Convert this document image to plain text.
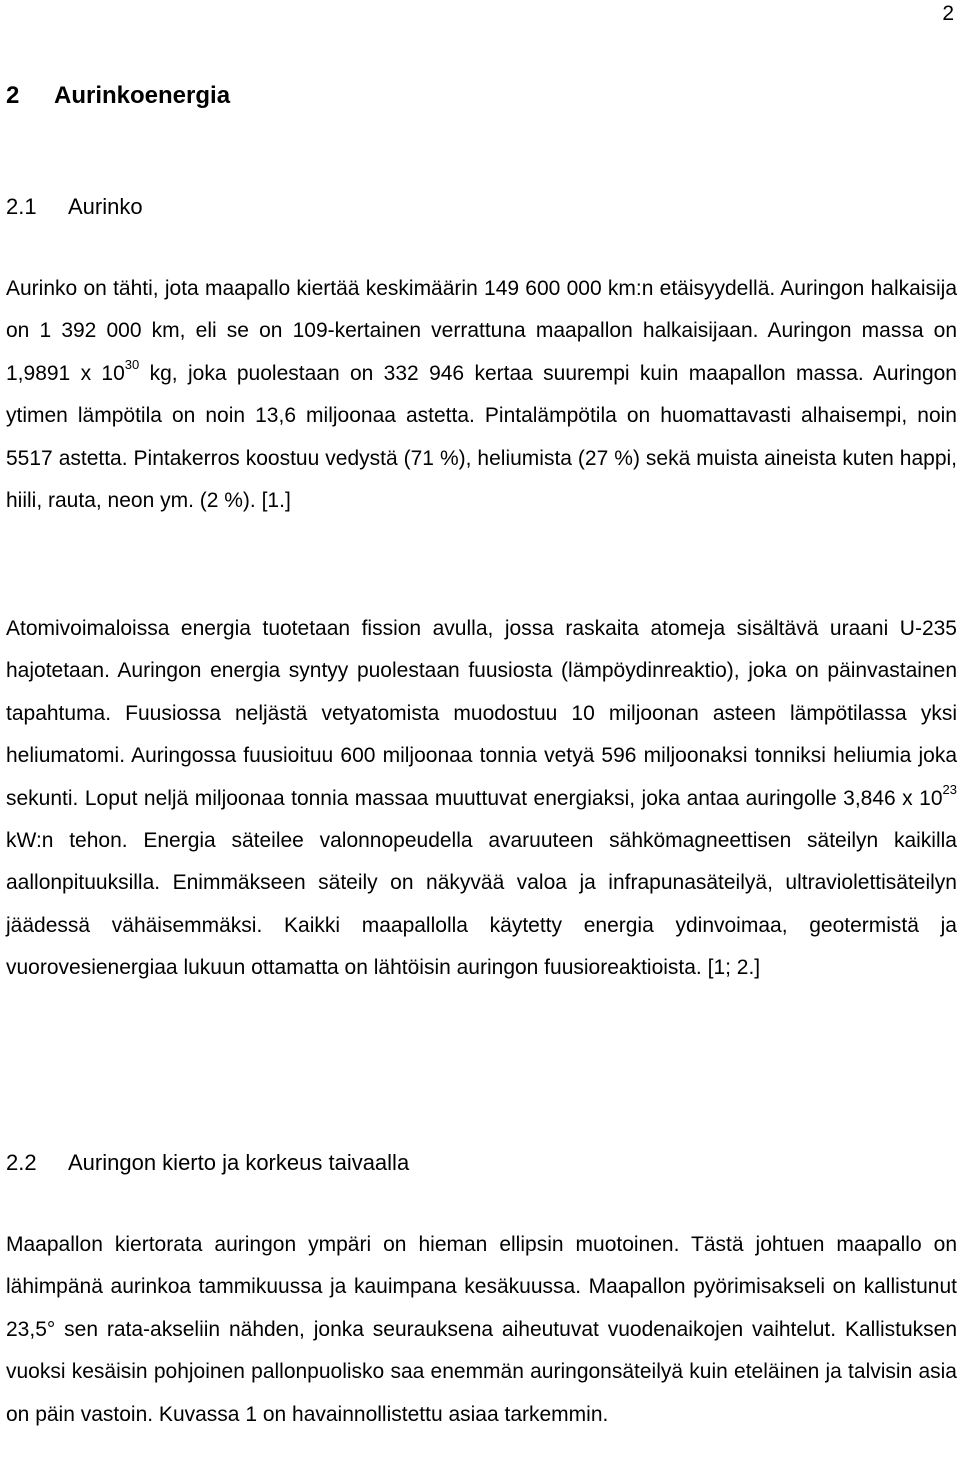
2
2 Aurinkoenergia
2.1 Aurinko

Aurinko on tähti, jota maapallo kiertää keskimäärin 149 600 000 km:n etäisyydellä. Auringon halkaisija on 1 392 000 km, eli se on 109-kertainen verrattuna maapallon halkaisijaan. Auringon massa on 1,9891 x $10^{30}$ kg, joka puolestaan on 332 946 kertaa suurempi kuin maapallon massa. Auringon ytimen lämpötila on noin 13,6 miljoonaa astetta. Pintalämpötila on huomattavasti alhaisempi, noin 5517 astetta. Pintakerros koostuu vedystä (71 %), heliumista (27 %) sekä muista aineista kuten happi, hiili, rauta, neon ym. (2 %). [1.]

Atomivoimaloissa energia tuotetaan fission avulla, jossa raskaita atomeja sisältävä uraani U-235 hajotetaan. Auringon energia syntyy puolestaan fuusiosta (lämpöydinreaktio), joka on päinvastainen tapahtuma. Fuusiossa neljästä vetyatomista muodostuu 10 miljoonan asteen lämpötilassa yksi heliumatomi. Auringossa fuusioituu 600 miljoonaa tonnia vetyä 596 miljoonaksi tonniksi heliumia joka sekunti. Loput neljä miljoonaa tonnia massaa muuttuvat energiaksi, joka antaa auringolle 3,846 x $10^{23}$ kW:n tehon. Energia säteilee valonnopeudella avaruuteen sähkömagneettisen säteilyn kaikilla aallonpituuksilla. Enimmäkseen säteily on näkyvää valoa ja infrapunasäteilyä, ultraviolettisäteilyn jäädessä vähäisemmäksi. Kaikki maapallolla käytetty energia ydinvoimaa, geotermistä ja vuorovesienergiaa lukuun ottamatta on lähtöisin auringon fuusioreaktioista. [1; 2.]

2.2 Auringon kierto ja korkeus taivaalla

Maapallon kiertorata auringon ympäri on hieman ellipsin muotoinen. Tästä johtuen maapallo on lähimpänä aurinkoa tammikuussa ja kauimpana kesäkuussa. Maapallon pyörimisakseli on kallistunut 23,5° sen rata-akseliin nähden, jonka seurauksena aiheutuvat vuodenaikojen vaihtelut. Kallistuksen vuoksi kesäisin pohjoinen pallonpuolisko saa enemmän auringonsäteilyä kuin eteläinen ja talvisin asia on päin vastoin. Kuvassa 1 on havainnollistettu asiaa tarkemmin.
